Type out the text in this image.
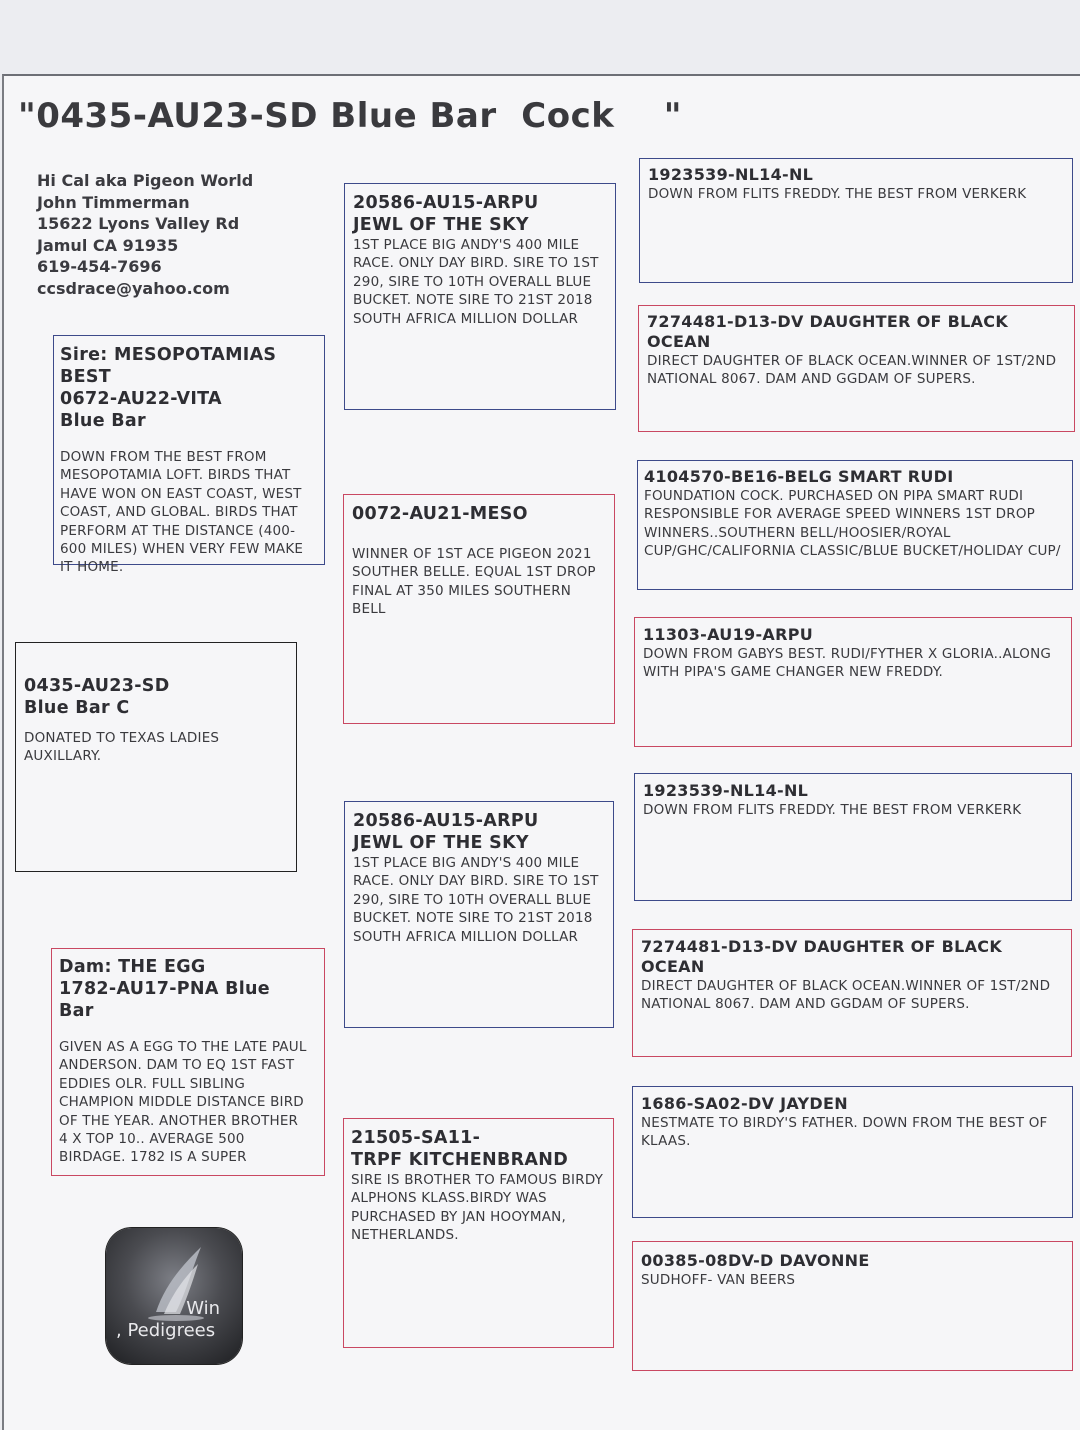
"0435-AU23-SD Blue Bar  Cock    "
Hi Cal aka Pigeon World
John Timmerman
15622 Lyons Valley Rd
Jamul CA 91935
619-454-7696
ccsdrace@yahoo.com
Sire: MESOPOTAMIAS
BEST
0672-AU22-VITA
Blue Bar
DOWN FROM THE BEST FROM MESOPOTAMIA LOFT. BIRDS THAT HAVE WON ON EAST COAST, WEST COAST, AND GLOBAL. BIRDS THAT PERFORM AT THE DISTANCE (400-600 MILES) WHEN VERY FEW MAKE IT HOME.
0435-AU23-SD
Blue Bar C
DONATED TO TEXAS LADIES AUXILLARY.
Dam: THE EGG
1782-AU17-PNA Blue
Bar
GIVEN AS A EGG TO THE LATE PAUL ANDERSON. DAM TO EQ 1ST FAST EDDIES OLR. FULL SIBLING CHAMPION MIDDLE DISTANCE BIRD OF THE YEAR. ANOTHER BROTHER 4 X TOP 10.. AVERAGE 500 BIRDAGE. 1782 IS A SUPER
20586-AU15-ARPU
JEWL OF THE SKY
1ST PLACE BIG ANDY'S 400 MILE RACE. ONLY DAY BIRD. SIRE TO 1ST 290, SIRE TO 10TH OVERALL BLUE BUCKET. NOTE SIRE TO 21ST 2018 SOUTH AFRICA MILLION DOLLAR
0072-AU21-MESO
WINNER OF 1ST ACE PIGEON 2021 SOUTHER BELLE. EQUAL 1ST DROP FINAL AT 350 MILES SOUTHERN BELL
20586-AU15-ARPU
JEWL OF THE SKY
1ST PLACE BIG ANDY'S 400 MILE RACE. ONLY DAY BIRD. SIRE TO 1ST 290, SIRE TO 10TH OVERALL BLUE BUCKET. NOTE SIRE TO 21ST 2018 SOUTH AFRICA MILLION DOLLAR
21505-SA11-
TRPF KITCHENBRAND
SIRE IS BROTHER TO FAMOUS BIRDY ALPHONS KLASS.BIRDY WAS PURCHASED BY JAN HOOYMAN, NETHERLANDS.
1923539-NL14-NL
DOWN FROM FLITS FREDDY. THE BEST FROM VERKERK
7274481-D13-DV DAUGHTER OF BLACK
OCEAN
DIRECT DAUGHTER OF BLACK OCEAN.WINNER OF 1ST/2ND NATIONAL 8067. DAM AND GGDAM OF SUPERS.
4104570-BE16-BELG SMART RUDI
FOUNDATION COCK. PURCHASED ON PIPA SMART RUDI RESPONSIBLE FOR AVERAGE SPEED WINNERS 1ST DROP WINNERS..SOUTHERN BELL/HOOSIER/ROYAL CUP/GHC/CALIFORNIA CLASSIC/BLUE BUCKET/HOLIDAY CUP/
11303-AU19-ARPU
DOWN FROM GABYS BEST. RUDI/FYTHER X GLORIA..ALONG WITH PIPA'S GAME CHANGER NEW FREDDY.
1923539-NL14-NL
DOWN FROM FLITS FREDDY. THE BEST FROM VERKERK
7274481-D13-DV DAUGHTER OF BLACK
OCEAN
DIRECT DAUGHTER OF BLACK OCEAN.WINNER OF 1ST/2ND NATIONAL 8067. DAM AND GGDAM OF SUPERS.
1686-SA02-DV JAYDEN
NESTMATE TO BIRDY'S FATHER. DOWN FROM THE BEST OF KLAAS.
00385-08DV-D DAVONNE
SUDHOFF- VAN BEERS
Win
, Pedigrees
